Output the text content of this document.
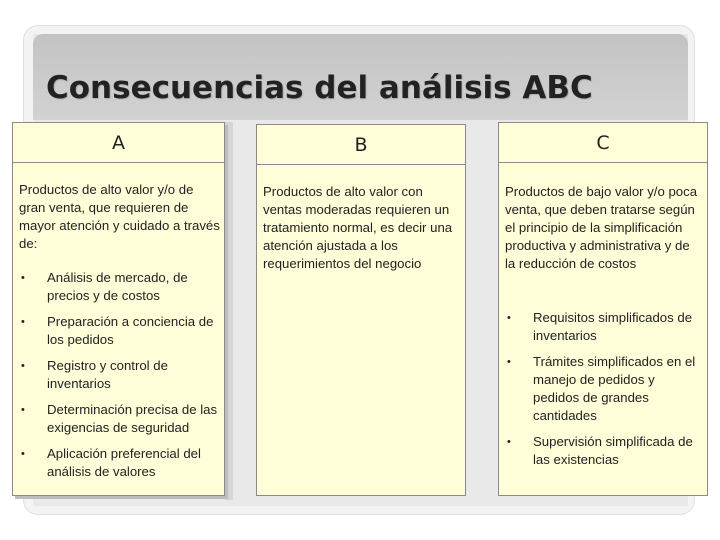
Consecuencias del análisis ABC
A
Productos de alto valor y/o de gran venta, que requieren de mayor atención y cuidado a través de:
• Análisis de mercado, de precios y de costos
• Preparación a conciencia de los pedidos
• Registro y control de inventarios
• Determinación precisa de las exigencias de seguridad
• Aplicación preferencial del análisis de valores
B
Productos de alto valor con ventas moderadas requieren un tratamiento normal, es decir una atención ajustada a los requerimientos del negocio
C
Productos de bajo valor y/o poca venta, que deben tratarse según el principio de la simplificación productiva y administrativa y de la reducción de costos
• Requisitos simplificados de inventarios
• Trámites simplificados en el manejo de pedidos y pedidos de grandes cantidades
• Supervisión simplificada de las existencias
